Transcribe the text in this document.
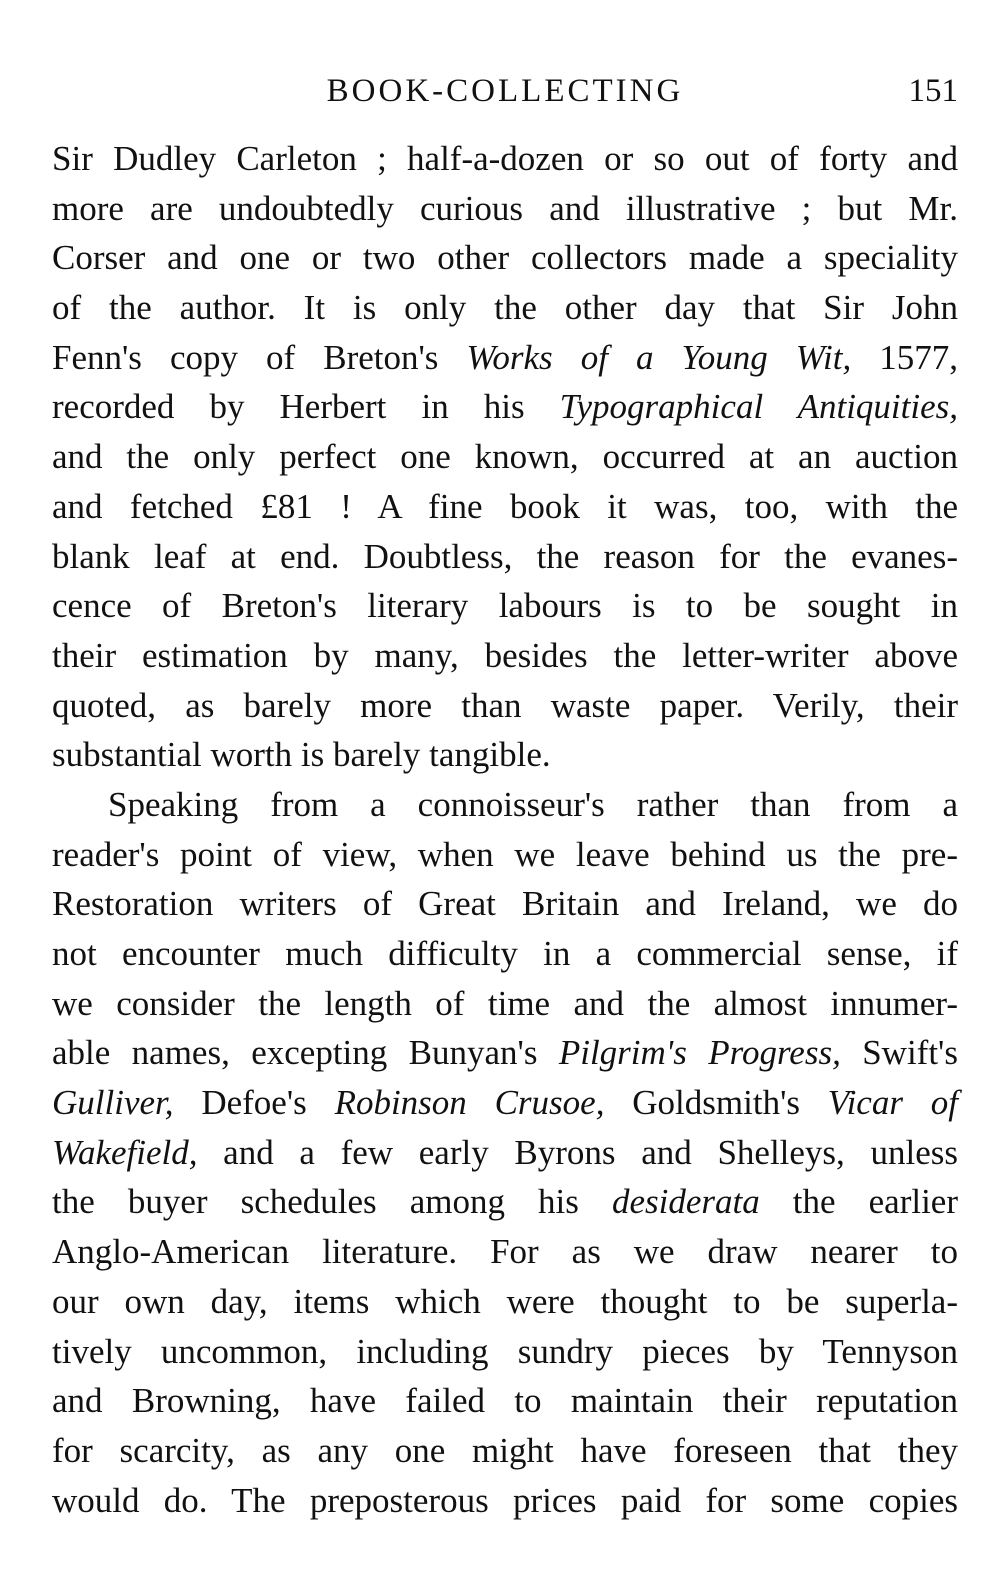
BOOK-COLLECTING	151
Sir Dudley Carleton ; half-a-dozen or so out of forty and
more are undoubtedly curious and illustrative ; but Mr.
Corser and one or two other collectors made a speciality
of the author. It is only the other day that Sir John
Fenn's copy of Breton's Works of a Young Wit, 1577,
recorded by Herbert in his Typographical Antiquities,
and the only perfect one known, occurred at an auction
and fetched £81 ! A fine book it was, too, with the
blank leaf at end. Doubtless, the reason for the evanes-
cence of Breton's literary labours is to be sought in
their estimation by many, besides the letter-writer above
quoted, as barely more than waste paper. Verily, their
substantial worth is barely tangible.
Speaking from a connoisseur's rather than from a
reader's point of view, when we leave behind us the pre-
Restoration writers of Great Britain and Ireland, we do
not encounter much difficulty in a commercial sense, if
we consider the length of time and the almost innumer-
able names, excepting Bunyan's Pilgrim's Progress, Swift's
Gulliver, Defoe's Robinson Crusoe, Goldsmith's Vicar of
Wakefield, and a few early Byrons and Shelleys, unless
the buyer schedules among his desiderata the earlier
Anglo-American literature. For as we draw nearer to
our own day, items which were thought to be superla-
tively uncommon, including sundry pieces by Tennyson
and Browning, have failed to maintain their reputation
for scarcity, as any one might have foreseen that they
would do. The preposterous prices paid for some copies
